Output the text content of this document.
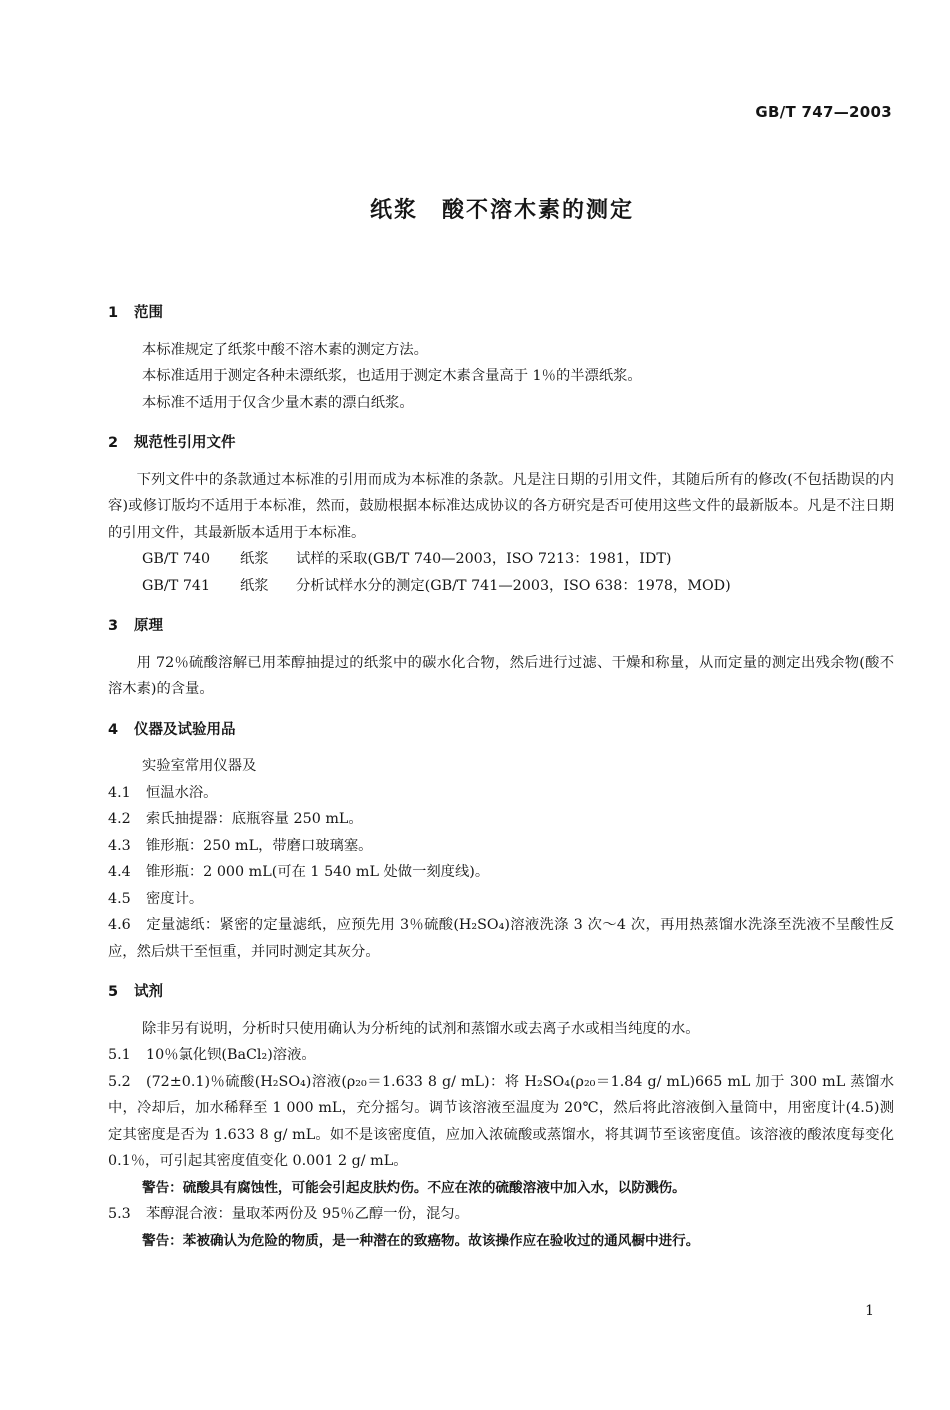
GB/T 747—2003
纸浆 酸不溶木素的测定
1 范围

本标准规定了纸浆中酸不溶木素的测定方法。

本标准适用于测定各种未漂纸浆，也适用于测定木素含量高于 1％的半漂纸浆。

本标准不适用于仅含少量木素的漂白纸浆。

2 规范性引用文件

下列文件中的条款通过本标准的引用而成为本标准的条款。凡是注日期的引用文件，其随后所有的修改(不包括勘误的内容)或修订版均不适用于本标准，然而，鼓励根据本标准达成协议的各方研究是否可使用这些文件的最新版本。凡是不注日期的引用文件，其最新版本适用于本标准。

GB/T 740 纸浆 试样的采取(GB/T 740—2003，ISO 7213：1981，IDT)

GB/T 741 纸浆 分析试样水分的测定(GB/T 741—2003，ISO 638：1978，MOD)

3 原理

用 72％硫酸溶解已用苯醇抽提过的纸浆中的碳水化合物，然后进行过滤、干燥和称量，从而定量的测定出残余物(酸不溶木素)的含量。

4 仪器及试验用品

实验室常用仪器及

4.1 恒温水浴。

4.2 索氏抽提器：底瓶容量 250 mL。

4.3 锥形瓶：250 mL，带磨口玻璃塞。

4.4 锥形瓶：2 000 mL(可在 1 540 mL 处做一刻度线)。

4.5 密度计。

4.6 定量滤纸：紧密的定量滤纸，应预先用 3％硫酸(H₂SO₄)溶液洗涤 3 次～4 次，再用热蒸馏水洗涤至洗液不呈酸性反应，然后烘干至恒重，并同时测定其灰分。

5 试剂

除非另有说明，分析时只使用确认为分析纯的试剂和蒸馏水或去离子水或相当纯度的水。

5.1 10％氯化钡(BaCl₂)溶液。

5.2 (72±0.1)％硫酸(H₂SO₄)溶液(ρ₂₀＝1.633 8 g/ mL)：将 H₂SO₄(ρ₂₀＝1.84 g/ mL)665 mL 加于 300 mL 蒸馏水中，冷却后，加水稀释至 1 000 mL，充分摇匀。调节该溶液至温度为 20℃，然后将此溶液倒入量筒中，用密度计(4.5)测定其密度是否为 1.633 8 g/ mL。如不是该密度值，应加入浓硫酸或蒸馏水，将其调节至该密度值。该溶液的酸浓度每变化 0.1％，可引起其密度值变化 0.001 2 g/ mL。

警告：硫酸具有腐蚀性，可能会引起皮肤灼伤。不应在浓的硫酸溶液中加入水，以防溅伤。

5.3 苯醇混合液：量取苯两份及 95％乙醇一份，混匀。

警告：苯被确认为危险的物质，是一种潜在的致癌物。故该操作应在验收过的通风橱中进行。

1
